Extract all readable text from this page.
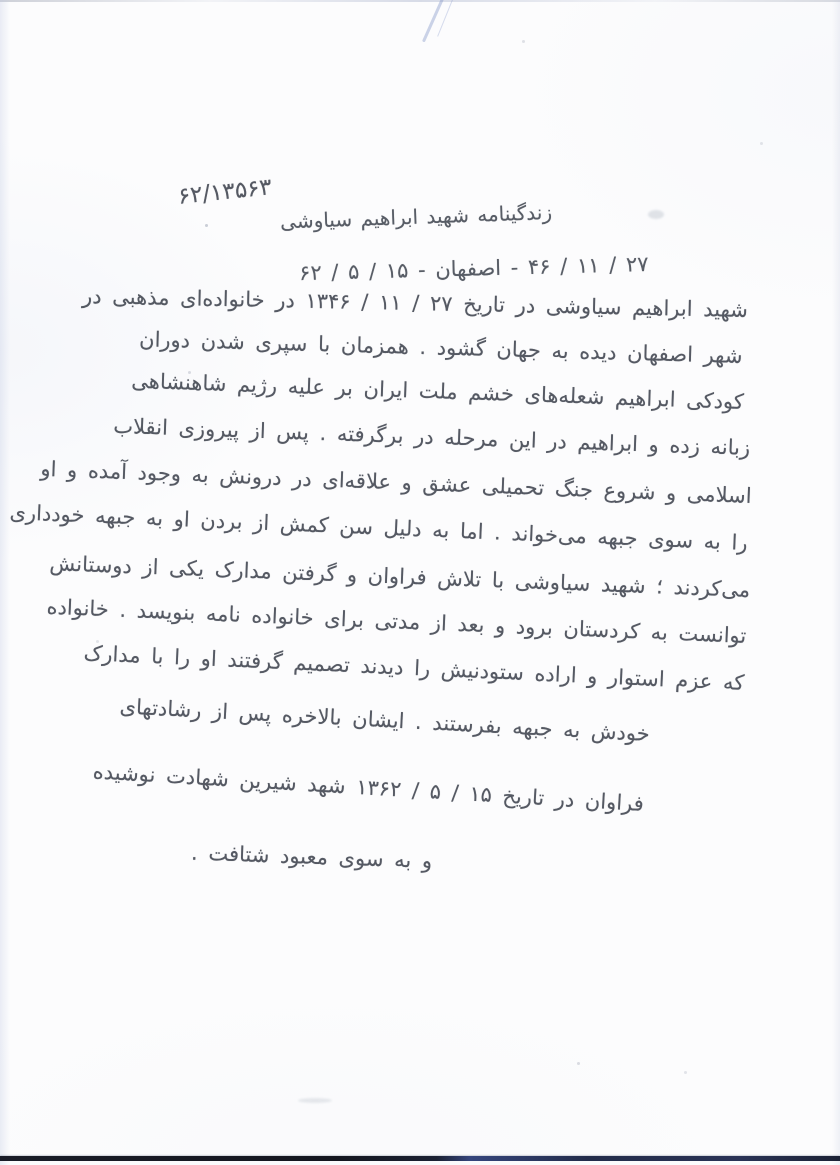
۶۲/۱۳۵۶۳
زندگینامه شهید ابراهیم سیاوشی
۲۷ / ۱۱ / ۴۶ - اصفهان - ۱۵ / ۵ / ۶۲
شهید ابراهیم سیاوشی در تاریخ ۲۷ / ۱۱ / ۱۳۴۶ در خانواده‌ای مذهبی در
شهر اصفهان دیده به جهان گشود . همزمان با سپری شدن دوران
کودکی ابراهیم شعله‌های خشم ملت ایران بر علیه رژیم شاهنشاهی
زبانه زده و ابراهیم در این مرحله در برگرفته . پس از پیروزی انقلاب
اسلامی و شروع جنگ تحمیلی عشق و علاقه‌ای در درونش به وجود آمده و او
را به سوی جبهه می‌خواند . اما به دلیل سن کمش از بردن او به جبهه خودداری
می‌کردند ؛ شهید سیاوشی با تلاش فراوان و گرفتن مدارک یکی از دوستانش
توانست به کردستان برود و بعد از مدتی برای خانواده نامه بنویسد . خانواده
که عزم استوار و اراده ستودنیش را دیدند تصمیم گرفتند او را با مدارک
خودش به جبهه بفرستند . ایشان بالاخره پس از رشادتهای
فراوان در تاریخ ۱۵ / ۵ / ۱۳۶۲ شهد شیرین شهادت نوشیده
و به سوی معبود شتافت .
